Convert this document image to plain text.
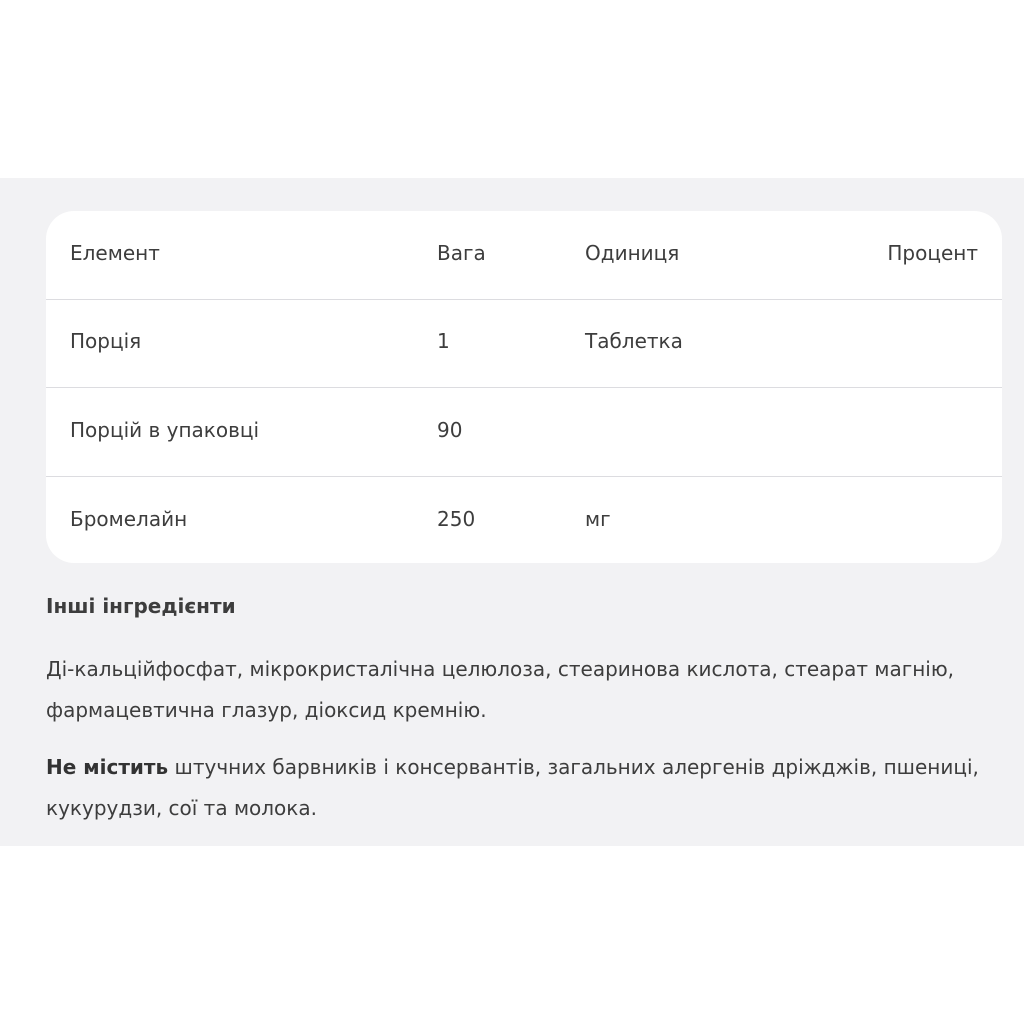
Елемент	Вага	Одиниця	Процент
Порція	1	Таблетка
Порцій в упаковці	90
Бромелайн	250	мг
Інші інгредієнти
Ді-кальційфосфат, мікрокристалічна целюлоза, стеаринова кислота, стеарат магнію, фармацевтична глазур, діоксид кремнію.
Не містить штучних барвників і консервантів, загальних алергенів дріжджів, пшениці, кукурудзи, сої та молока.
